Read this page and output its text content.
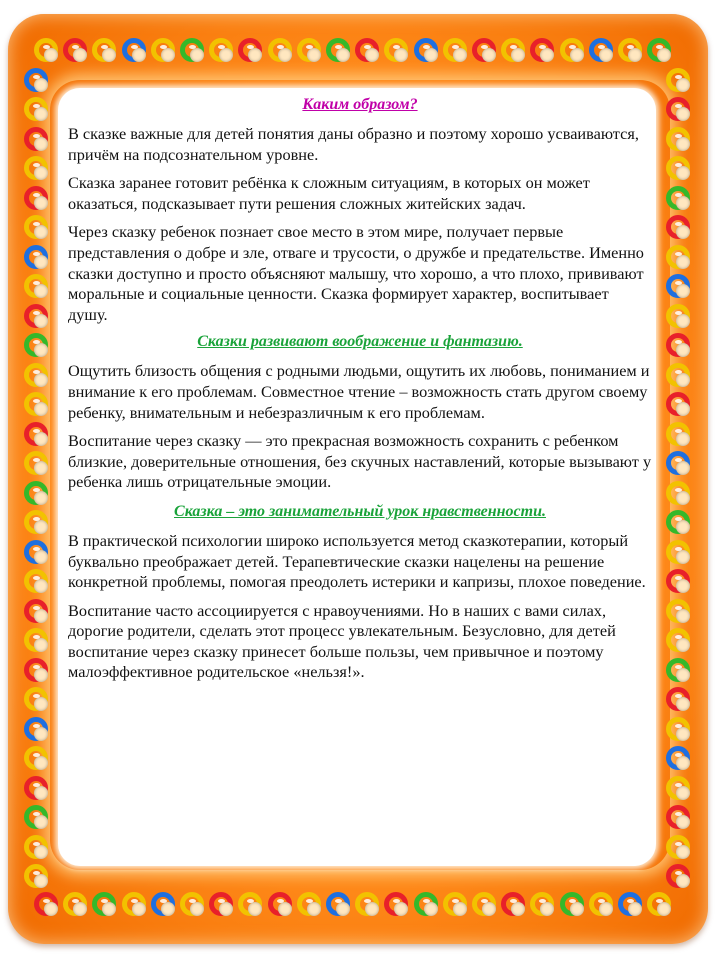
Каким образом?

В сказке важные для детей понятия даны образно и поэтому хорошо усваиваются, причём на подсознательном уровне.

Сказка заранее готовит ребёнка к сложным ситуациям, в которых он может оказаться, подсказывает пути решения сложных житейских задач.

Через сказку ребенок познает свое место в этом мире, получает первые представления о добре и зле, отваге и трусости, о дружбе и предательстве. Именно сказки доступно и просто объясняют малышу, что хорошо, а что плохо, прививают моральные и социальные ценности. Сказка формирует характер, воспитывает душу.

Сказки развивают воображение и фантазию.

Ощутить близость общения с родными людьми, ощутить их любовь, пониманием и внимание к его проблемам. Совместное чтение – возможность стать другом своему ребенку, внимательным и небезразличным к его проблемам.

Воспитание через сказку — это прекрасная возможность сохранить с ребенком близкие, доверительные отношения, без скучных наставлений, которые вызывают у ребенка лишь отрицательные эмоции.

Сказка – это занимательный урок нравственности.

В практической психологии широко используется метод сказкотерапии, который буквально преображает детей. Терапевтические сказки нацелены на решение конкретной проблемы, помогая преодолеть истерики и капризы, плохое поведение.

Воспитание часто ассоциируется с нравоучениями. Но в наших с вами силах, дорогие родители, сделать этот процесс увлекательным. Безусловно, для детей воспитание через сказку принесет больше пользы, чем привычное и поэтому малоэффективное родительское «нельзя!».
